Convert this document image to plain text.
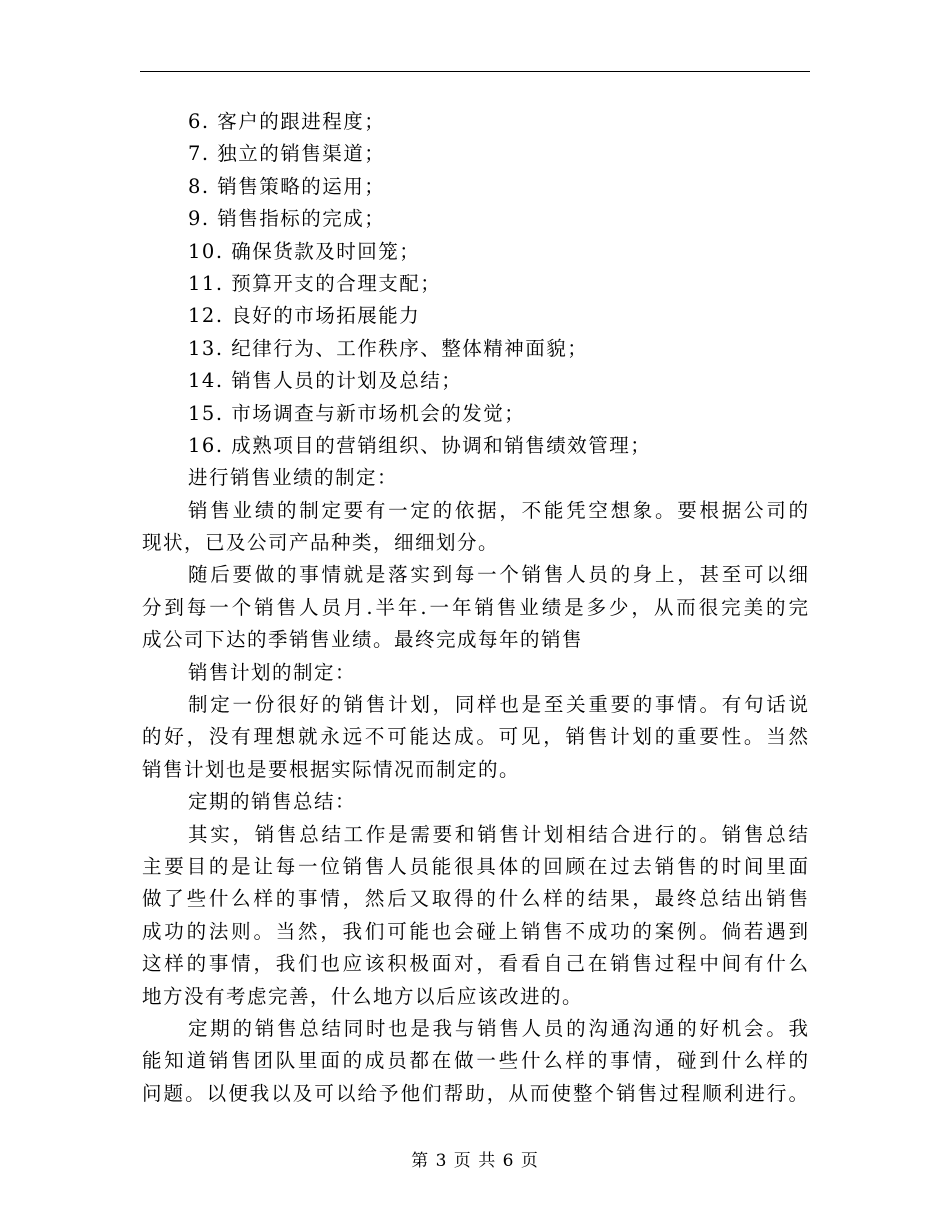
6. 客户的跟进程度；
7. 独立的销售渠道；
8. 销售策略的运用；
9. 销售指标的完成；
10. 确保货款及时回笼；
11. 预算开支的合理支配；
12. 良好的市场拓展能力
13. 纪律行为、工作秩序、整体精神面貌；
14. 销售人员的计划及总结；
15. 市场调查与新市场机会的发觉；
16. 成熟项目的营销组织、协调和销售绩效管理；
进行销售业绩的制定：
销售业绩的制定要有一定的依据，不能凭空想象。要根据公司的
现状，已及公司产品种类，细细划分。
随后要做的事情就是落实到每一个销售人员的身上，甚至可以细
分到每一个销售人员月.半年.一年销售业绩是多少，从而很完美的完
成公司下达的季销售业绩。最终完成每年的销售
销售计划的制定：
制定一份很好的销售计划，同样也是至关重要的事情。有句话说
的好，没有理想就永远不可能达成。可见，销售计划的重要性。当然
销售计划也是要根据实际情况而制定的。
定期的销售总结：
其实，销售总结工作是需要和销售计划相结合进行的。销售总结
主要目的是让每一位销售人员能很具体的回顾在过去销售的时间里面
做了些什么样的事情，然后又取得的什么样的结果，最终总结出销售
成功的法则。当然，我们可能也会碰上销售不成功的案例。倘若遇到
这样的事情，我们也应该积极面对，看看自己在销售过程中间有什么
地方没有考虑完善，什么地方以后应该改进的。
定期的销售总结同时也是我与销售人员的沟通沟通的好机会。我
能知道销售团队里面的成员都在做一些什么样的事情，碰到什么样的
问题。以便我以及可以给予他们帮助，从而使整个销售过程顺利进行。
第 3 页 共 6 页
